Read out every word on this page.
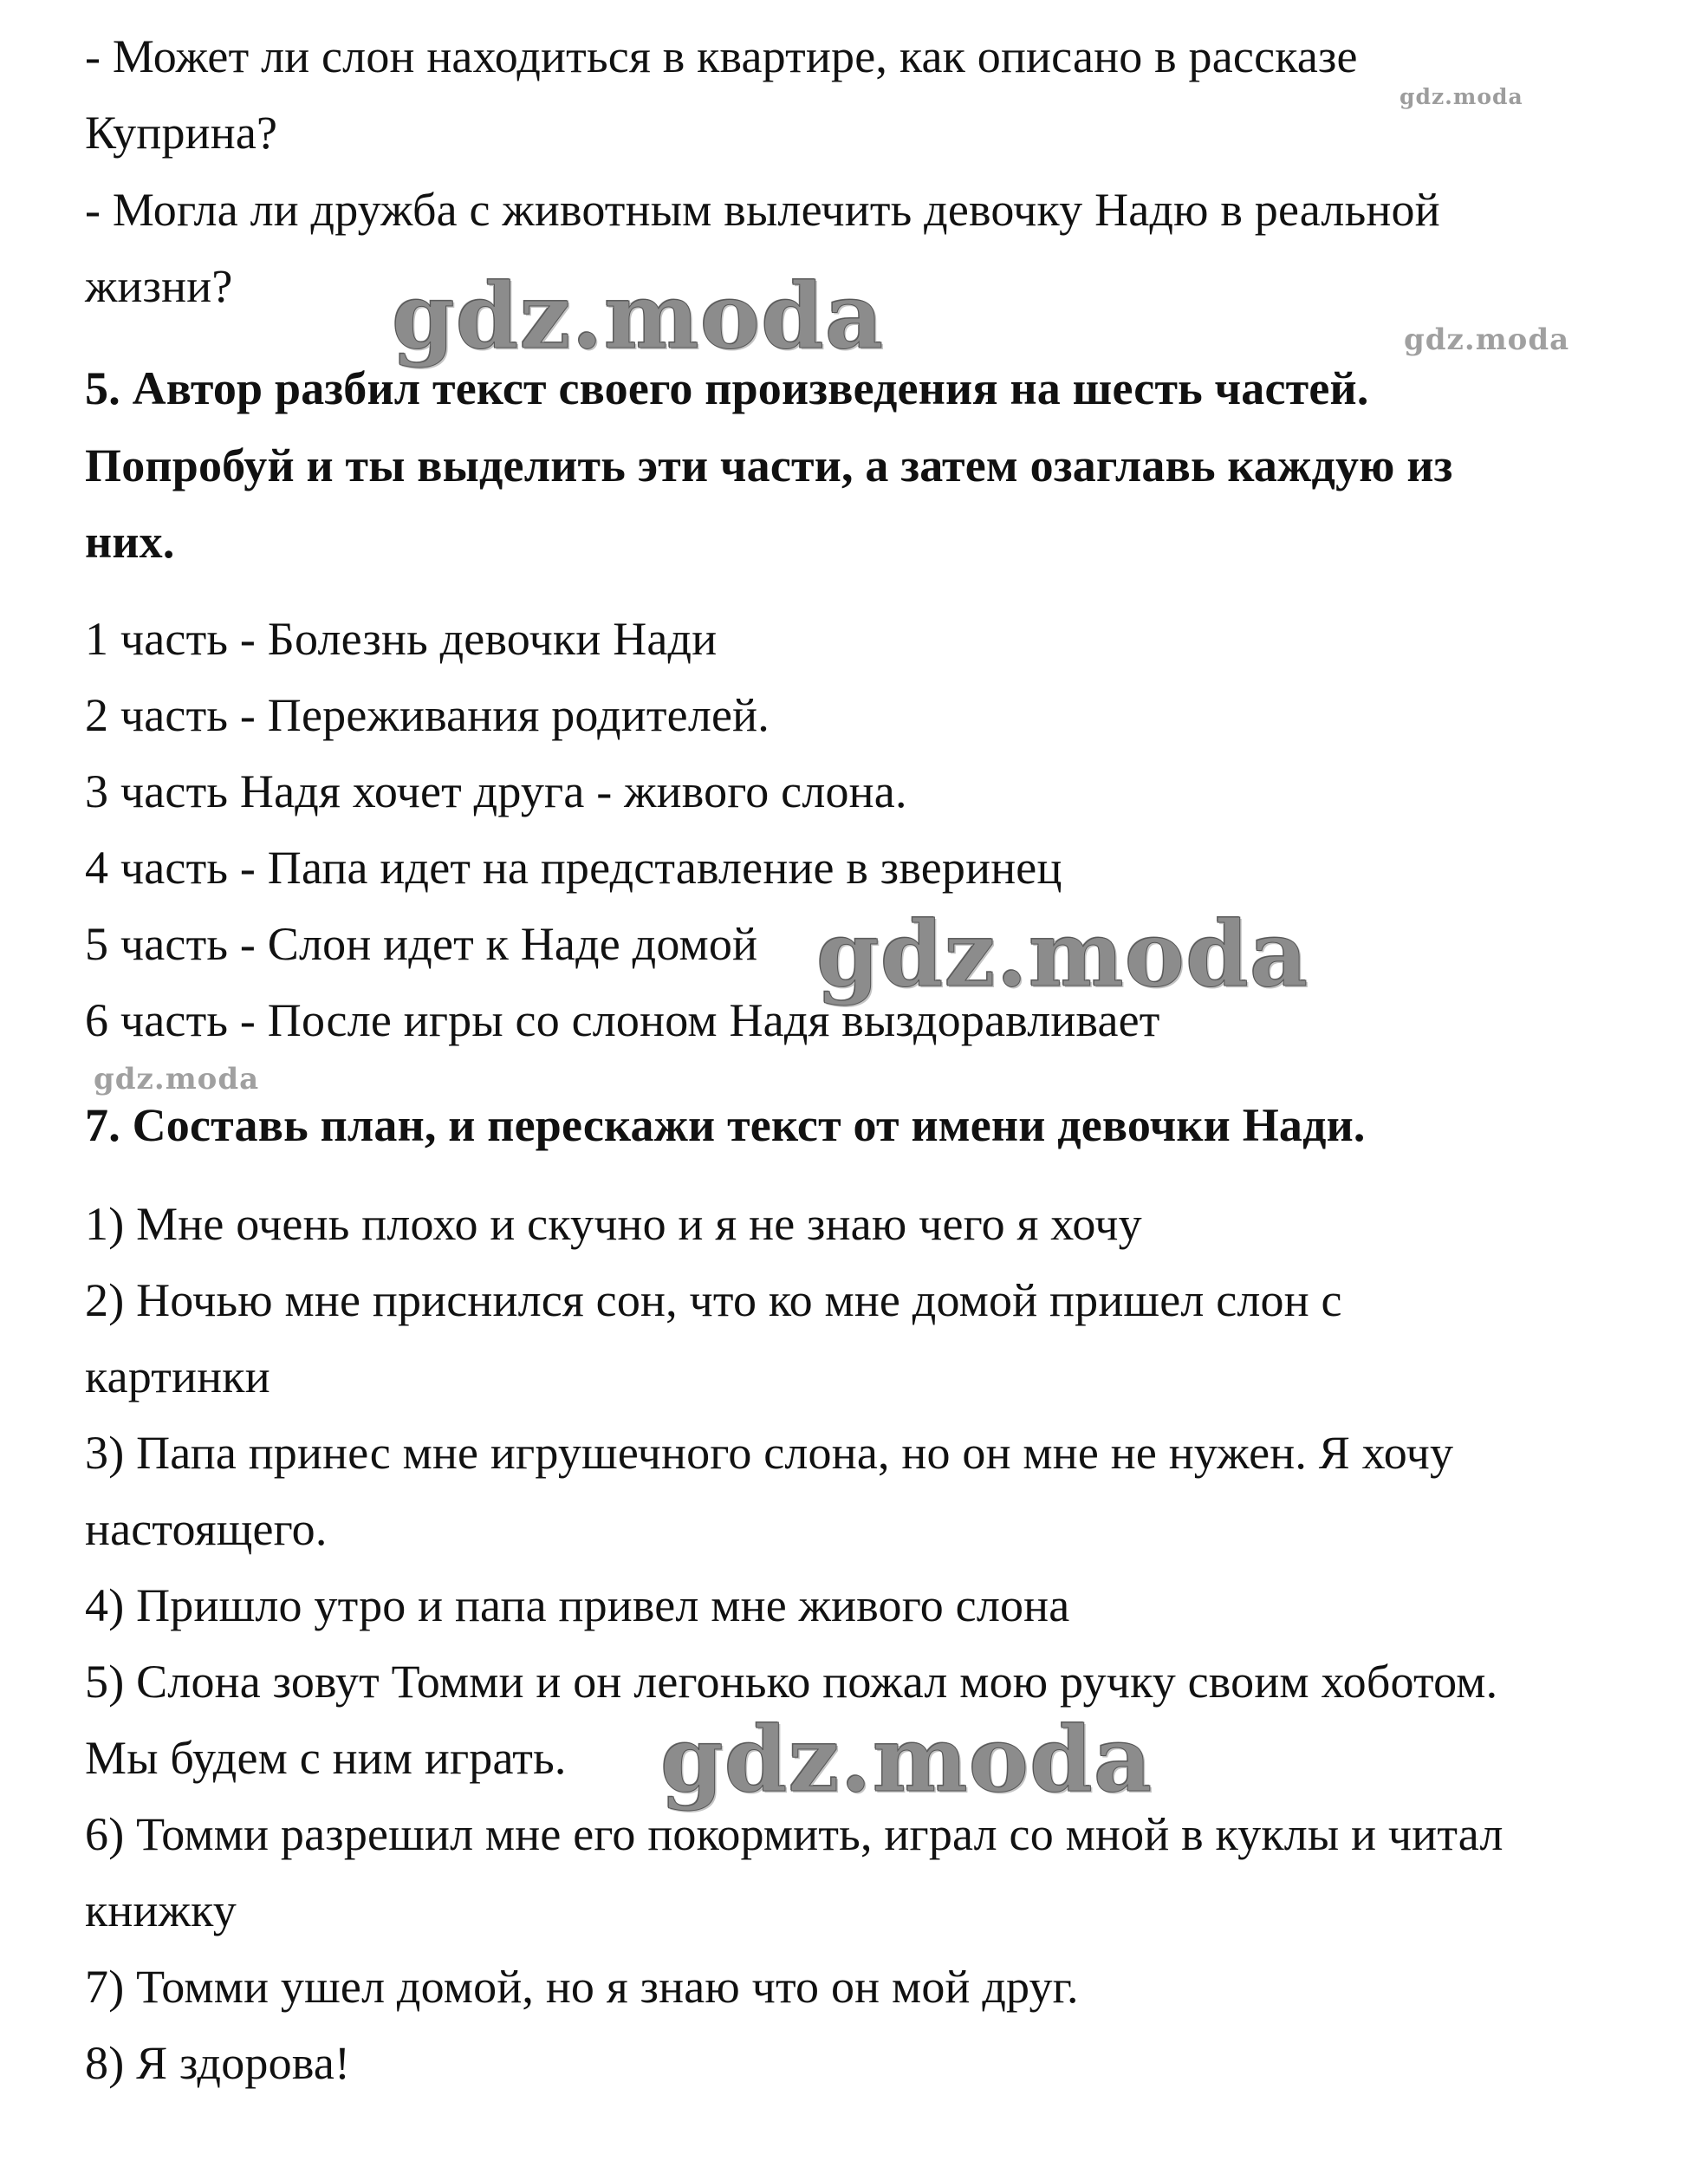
- Может ли слон находиться в квартире, как описано в рассказе
Куприна?
- Могла ли дружба с животным вылечить девочку Надю в реальной
жизни?
5. Автор разбил текст своего произведения на шесть частей.
Попробуй и ты выделить эти части, а затем озаглавь каждую из
них.
1 часть - Болезнь девочки Нади
2 часть - Переживания родителей.
3 часть Надя хочет друга - живого слона.
4 часть - Папа идет на представление в зверинец
5 часть - Слон идет к Наде домой
6 часть - После игры со слоном Надя выздоравливает
7. Составь план, и перескажи текст от имени девочки Нади.
1) Мне очень плохо и скучно и я не знаю чего я хочу
2) Ночью мне приснился сон, что ко мне домой пришел слон с
картинки
3) Папа принес мне игрушечного слона, но он мне не нужен. Я хочу
настоящего.
4) Пришло утро и папа привел мне живого слона
5) Слона зовут Томми и он легонько пожал мою ручку своим хоботом.
Мы будем с ним играть.
6) Томми разрешил мне его покормить, играл со мной в куклы и читал
книжку
7) Томми ушел домой, но я знаю что он мой друг.
8) Я здорова!
gdz.moda
gdz.moda	gdz.moda
gdz.moda
gdz.moda
gdz.moda
